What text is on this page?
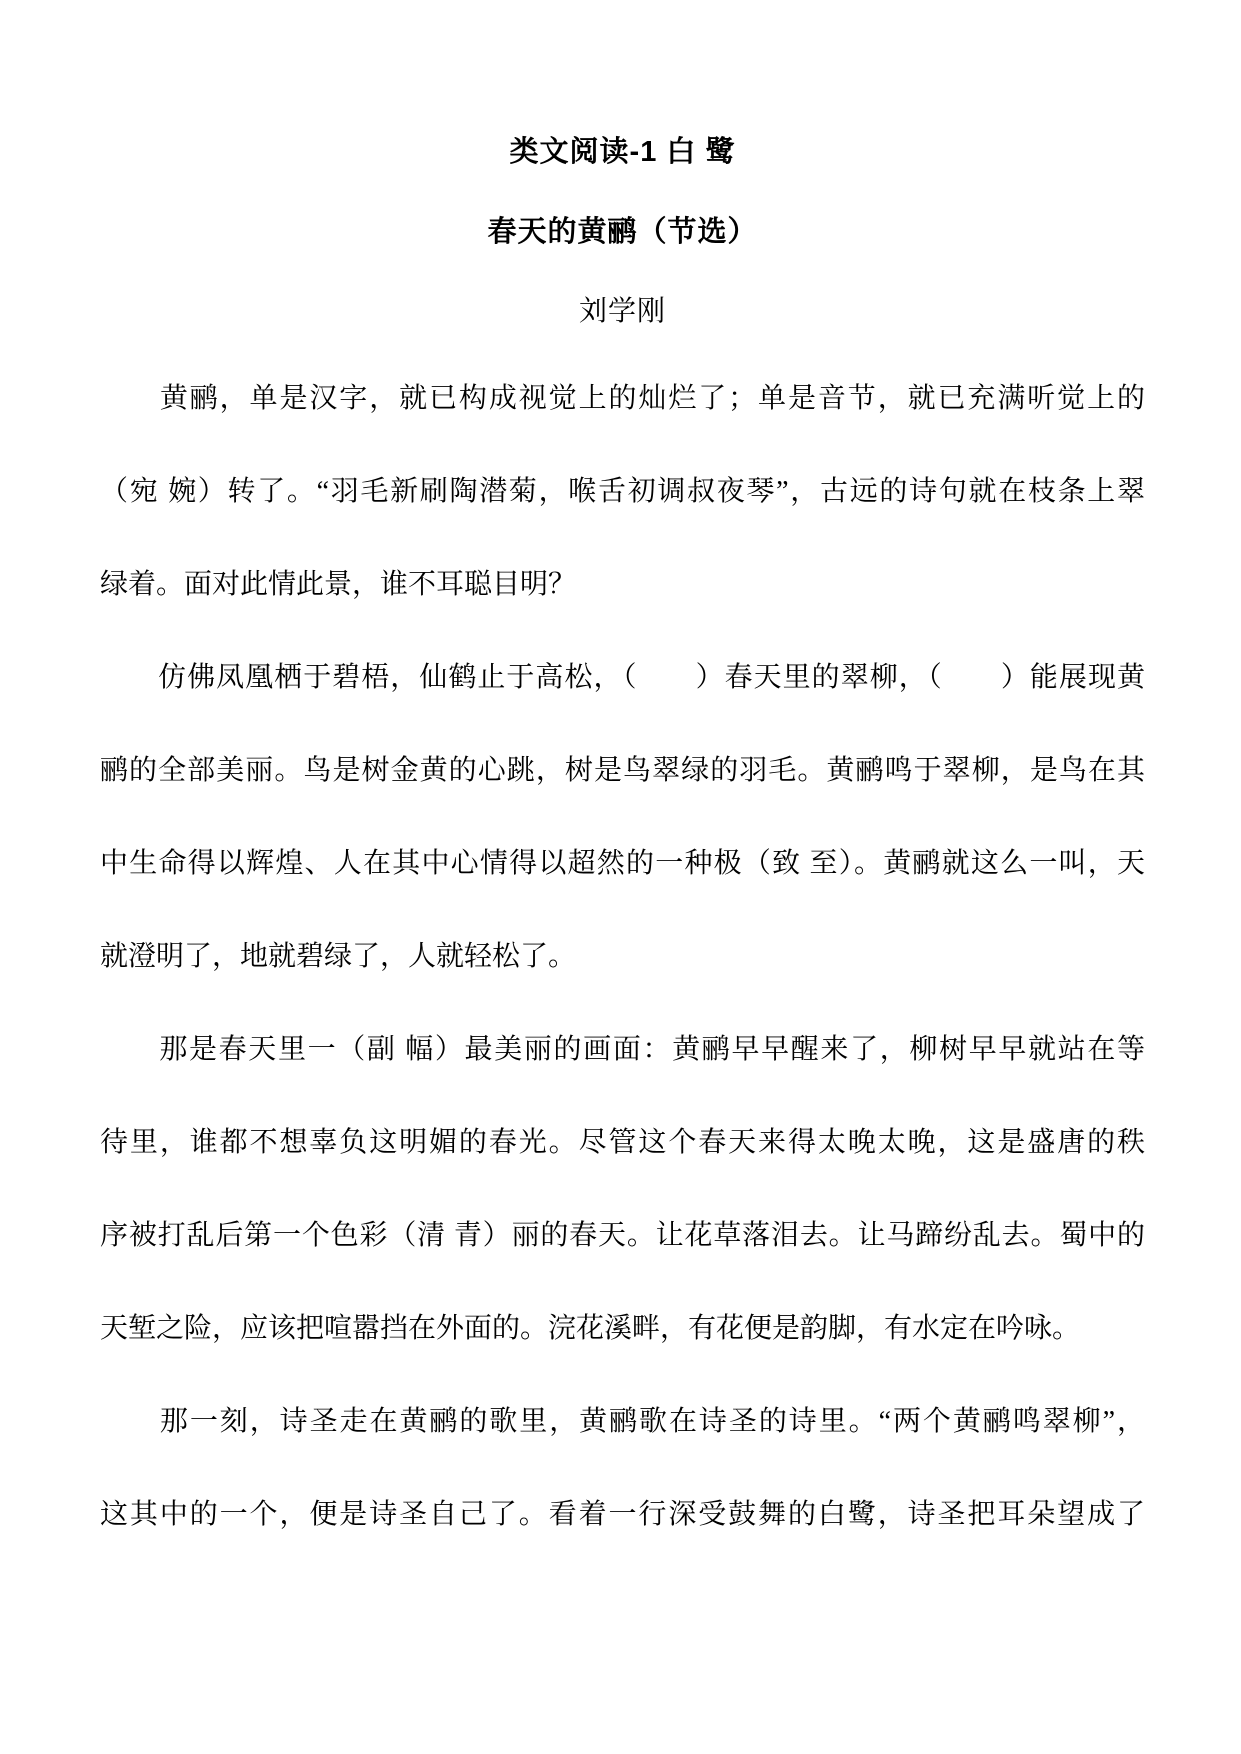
类文阅读-1 白 鹭
春天的黄鹂（节选）
刘学刚
　　黄鹂，单是汉字，就已构成视觉上的灿烂了；单是音节，就已充满听觉上的
（宛 婉）转了。“羽毛新刷陶潜菊，喉舌初调叔夜琴”，古远的诗句就在枝条上翠
绿着。面对此情此景，谁不耳聪目明？
　　仿佛凤凰栖于碧梧，仙鹤止于高松，（　　）春天里的翠柳，（　　）能展现黄
鹂的全部美丽。鸟是树金黄的心跳，树是鸟翠绿的羽毛。黄鹂鸣于翠柳，是鸟在其
中生命得以辉煌、人在其中心情得以超然的一种极（致 至）。黄鹂就这么一叫，天
就澄明了，地就碧绿了，人就轻松了。
　　那是春天里一（副 幅）最美丽的画面：黄鹂早早醒来了，柳树早早就站在等
待里，谁都不想辜负这明媚的春光。尽管这个春天来得太晚太晚，这是盛唐的秩
序被打乱后第一个色彩（清 青）丽的春天。让花草落泪去。让马蹄纷乱去。蜀中的
天堑之险，应该把喧嚣挡在外面的。浣花溪畔，有花便是韵脚，有水定在吟咏。
　　那一刻，诗圣走在黄鹂的歌里，黄鹂歌在诗圣的诗里。“两个黄鹂鸣翠柳”，
这其中的一个，便是诗圣自己了。看着一行深受鼓舞的白鹭，诗圣把耳朵望成了
